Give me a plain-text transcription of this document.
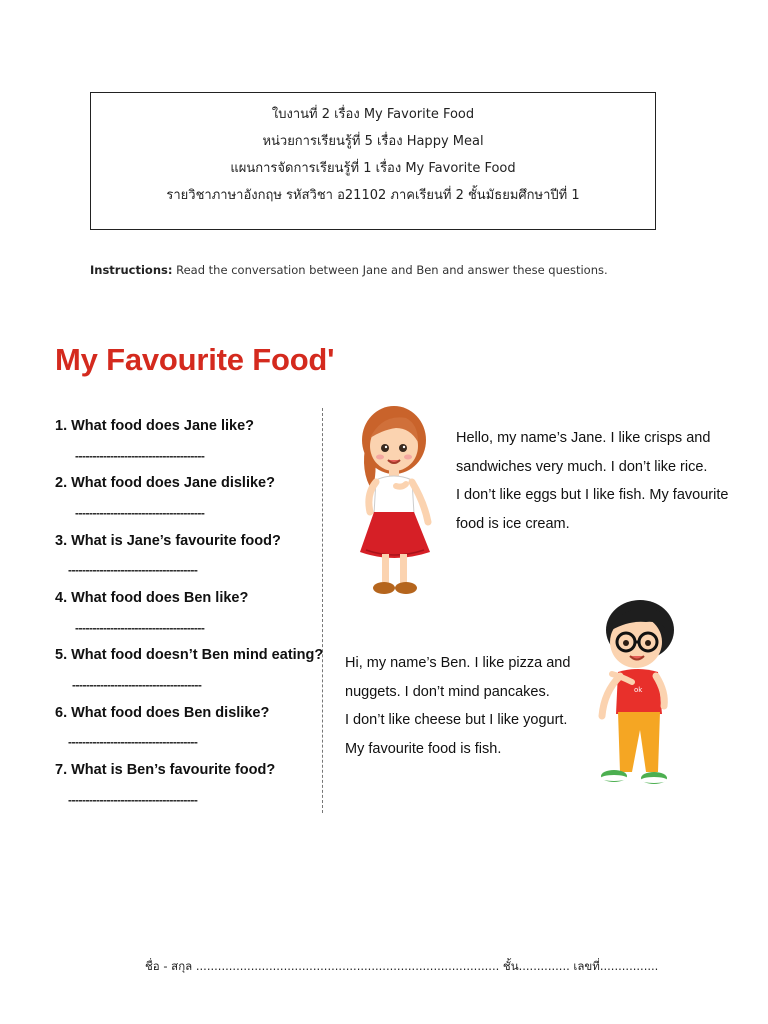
ใบงานที่ 2 เรื่อง My Favorite Food
หน่วยการเรียนรู้ที่ 5 เรื่อง Happy Meal
แผนการจัดการเรียนรู้ที่ 1 เรื่อง My Favorite Food
รายวิชาภาษาอังกฤษ รหัสวิชา อ21102 ภาคเรียนที่ 2 ชั้นมัธยมศึกษาปีที่ 1
Instructions: Read the conversation between Jane and Ben and answer these questions.
My Favourite Food'
1. What food does Jane like?
-------------------------------------
2. What food does Jane dislike?
-------------------------------------
3. What is Jane’s favourite food?
-------------------------------------
4. What food does Ben like?
-------------------------------------
5. What food doesn’t Ben mind eating?
-------------------------------------
6. What food does Ben dislike?
-------------------------------------
7. What is Ben’s favourite food?
-------------------------------------
Hello, my name’s Jane. I like crisps and
sandwiches very much. I don’t like rice.
I don’t like eggs but I like fish. My favourite
food is ice cream.
ok
Hi, my name’s Ben. I like pizza and
nuggets. I don’t mind pancakes.
I don’t like cheese but I like yogurt.
My favourite food is fish.
ชื่อ - สกุล ................................................................................... ชั้น.............. เลขที่................
